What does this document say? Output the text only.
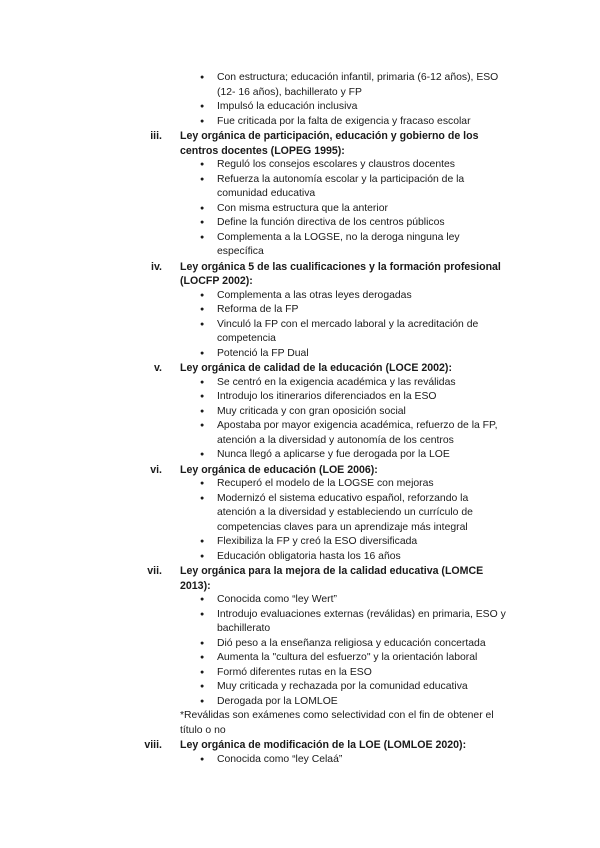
● Con estructura; educación infantil, primaria (6-12 años), ESO
(12- 16 años), bachillerato y FP
● Impulsó la educación inclusiva
● Fue criticada por la falta de exigencia y fracaso escolar
iii. Ley orgánica de participación, educación y gobierno de los
centros docentes (LOPEG 1995):
● Reguló los consejos escolares y claustros docentes
● Refuerza la autonomía escolar y la participación de la
comunidad educativa
● Con misma estructura que la anterior
● Define la función directiva de los centros públicos
● Complementa a la LOGSE, no la deroga ninguna ley
específica
iv. Ley orgánica 5 de las cualificaciones y la formación profesional
(LOCFP 2002):
● Complementa a las otras leyes derogadas
● Reforma de la FP
● Vinculó la FP con el mercado laboral y la acreditación de
competencia
● Potenció la FP Dual
v. Ley orgánica de calidad de la educación (LOCE 2002):
● Se centró en la exigencia académica y las reválidas
● Introdujo los itinerarios diferenciados en la ESO
● Muy criticada y con gran oposición social
● Apostaba por mayor exigencia académica, refuerzo de la FP,
atención a la diversidad y autonomía de los centros
● Nunca llegó a aplicarse y fue derogada por la LOE
vi. Ley orgánica de educación (LOE 2006):
● Recuperó el modelo de la LOGSE con mejoras
● Modernizó el sistema educativo español, reforzando la
atención a la diversidad y estableciendo un currículo de
competencias claves para un aprendizaje más integral
● Flexibiliza la FP y creó la ESO diversificada
● Educación obligatoria hasta los 16 años
vii. Ley orgánica para la mejora de la calidad educativa (LOMCE
2013):
● Conocida como “ley Wert”
● Introdujo evaluaciones externas (reválidas) en primaria, ESO y
bachillerato
● Dió peso a la enseñanza religiosa y educación concertada
● Aumenta la "cultura del esfuerzo" y la orientación laboral
● Formó diferentes rutas en la ESO
● Muy criticada y rechazada por la comunidad educativa
● Derogada por la LOMLOE
*Reválidas son exámenes como selectividad con el fin de obtener el
título o no
viii. Ley orgánica de modificación de la LOE (LOMLOE 2020):
● Conocida como “ley Celaá”
